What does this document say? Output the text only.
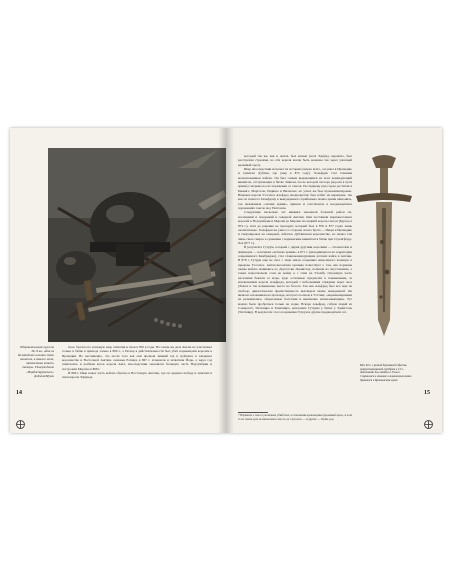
Оборонительное оружие IX–X вв., один из богатейших шлемов эпохи викингов, а также мечи, наконечники копий и топоры. Утверждение «Нордиструмского» Дейхеля/Музеи

тнал, брался его и вновую кмр, захватив и план в 850 к годы. На самом же деле Англы не участвовал только в битве в приходе только в 866 г., а Рагнар в действительности был убит норвежцами королем в Ирландии. Но несомненно, что после того как они провели зимний год в грабежах в западных королевства и Восточной Англии, сыновья Рагнара в 867 г. атаковали и захватили Йорк, а через год сквитались и разбили касок короля Англ, впоследствии окончился большую часть Нортумбрии и построили Мерсию в 868 г.

И 869 г. Ивар повел часть войска обратно в Восточную Англию, где он одержал победу и захватил в плен короля Эдмунда,

14

который так же, как и Аелла, был казнен (хотя Эдмунд, вероятно, был расстрелян стрелами, но оба короля могли быть казнены так через ужасный кровавый орел).

Ивар впоследствии исчезает из истории (скорее всего, он ушел в Ирландию и захватил Дублин, где умер в 873 году). Хальфдан стал главным военачальником войска. Он был самым выдающимся из всех командующий викингов, отступающих в битве Эшшом, после которой пастора (короля в пути армию) сыгрыва после поражения от саксов. Последнему ряд годом достигли в Бакингэ, Марготон, Ридинге и Вильтоне, но успех же был прокомментирован. Впервые короля Уэссекса Альфред неоднократно был побит на переправе, так как он помогал Хальфдану к вынужденного прибыльна пожна армия шпионить, так называемая «летняя армия», пришла и участвовала в неоднократных поражениях саксов под Уилтоном.

Следующие несколько лет викинги завоевали большой район см. посещений и покорений в северной Англии. Они поставили марионеточных королей в Нортумбрии и Мерсии (в Мерсии последний король-саксон (Бургед в 874 г.), хотя до ранения не проходит, который был в 876 и 877 годах лишь окончательно. Хальфдан же ушел со стороны своего брата — Ивара в Ирландию и спекулировал на северной, заботясь Дублинском королевстве, но нашел там лишь свою смерть в сражении с норвежским викингом в битве при Стренгфорд-Лох (877 г.).

В результате Гутрум, который с двумя другими королями — Осокетелем и Анвендом — возглавил «летнюю армию» в 871 г. (находившуюся на территории современного Кембриджа), стал главнокомандующим датских войск в Англии. В 878 г. Гутрум еще не смог с лица земли соперника нанесенного военную в пределы Уэссекса. Англосаксонская хроника повествует о том, как норманы шашы войска появились по Дорсетски Лорнистед, полняли на опустошение, а также повествовали соли на войну в с этим на Учамбу. Огромную часть населения бежали за море, куда остальные предпочли в повиновение, за исключением короля Альфреда, который с небольшими отрядами через лесa убежал в так называемые места на болота. Так как Альфред был все еще на свободе, династическая преемственность выглядела менее ненадежной. Он являлся заложником на прохладе, которого полном в Уэттинг, «неравномерными не разжимались, оберегаемые болотами и неизменно испытывающим». Тут можно было пробраться только на лодке. Вскоре Альфред, собрав людей из Сомерсета, Уилтшира и Хэмпшира, разгромил Гутрума у битве у Эдингтона (Уилтшир). В результате этого поражения Гутрум и другие предводители зат-

¹⁾ Варианты о чем-то различных убийствах, в отношении кровожадные (кровавый орел», и хотя то на самом деле не имели много места, не случалось — и другие. — Прим. ред.
15
Меч XI в. с резной деревянной эфесом, инкрустированной серебром и 13 в. датчанами был найден в Уэльсе. Сохранился в Алнвике в Алнвикском замке. Хранится в Британском музее
